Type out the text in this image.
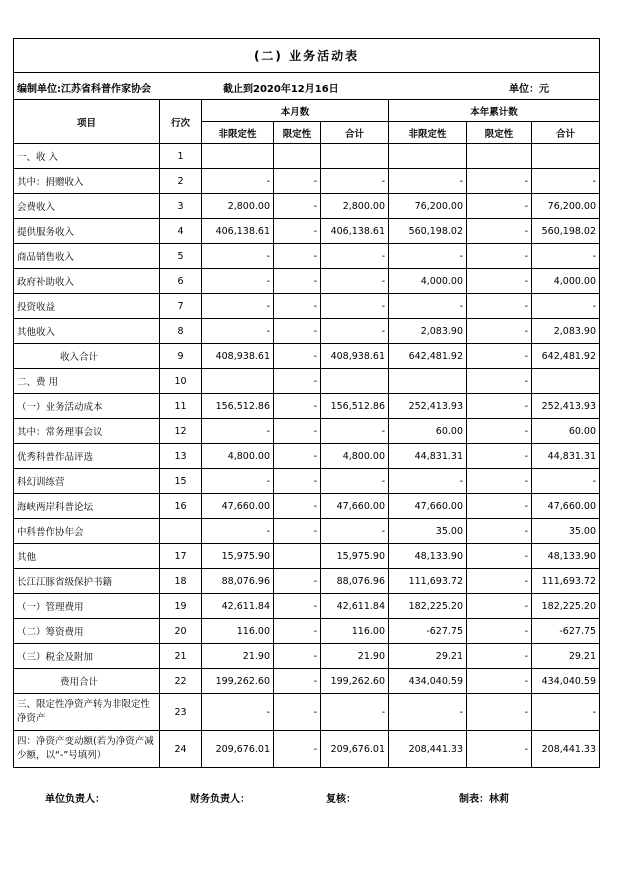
(二) 业务活动表							

编制单位:江苏省科普作家协会 截止到2020年12月16日 单位：元							

项目	行次	本月数			本年累计数		
		非限定性	限定性	合计	非限定性	限定性	合计
一、收 入	1						
其中：捐赠收入	2	-	-	-	-	-	-
会费收入	3	2,800.00	-	2,800.00	76,200.00	-	76,200.00
提供服务收入	4	406,138.61	-	406,138.61	560,198.02	-	560,198.02
商品销售收入	5	-	-	-	-	-	-
政府补助收入	6	-	-	-	4,000.00	-	4,000.00
投资收益	7	-	-	-	-	-	-
其他收入	8	-	-	-	2,083.90	-	2,083.90
收入合计	9	408,938.61	-	408,938.61	642,481.92	-	642,481.92
二、费 用	10		-			-	
（一）业务活动成本	11	156,512.86	-	156,512.86	252,413.93	-	252,413.93
其中：常务理事会议	12	-	-	-	60.00	-	60.00
优秀科普作品评选	13	4,800.00	-	4,800.00	44,831.31	-	44,831.31
科幻训练营	15	-	-	-	-	-	-
海峡两岸科普论坛	16	47,660.00	-	47,660.00	47,660.00	-	47,660.00
中科普作协年会		-	-	-	35.00	-	35.00
其他	17	15,975.90		15,975.90	48,133.90	-	48,133.90
长江江豚省级保护书籍	18	88,076.96	-	88,076.96	111,693.72	-	111,693.72
（一）管理费用	19	42,611.84	-	42,611.84	182,225.20	-	182,225.20
（二）筹资费用	20	116.00	-	116.00	-627.75	-	-627.75
（三）税金及附加	21	21.90	-	21.90	29.21	-	29.21
费用合计	22	199,262.60	-	199,262.60	434,040.59	-	434,040.59
三、限定性净资产转为非限定性净资产	23	-	-	-	-	-	-
四：净资产变动额(若为净资产减少额，以“-”号填列）	24	209,676.01	-	209,676.01	208,441.33	-	208,441.33
单位负责人：	财务负责人：	复核：	制表：林莉
